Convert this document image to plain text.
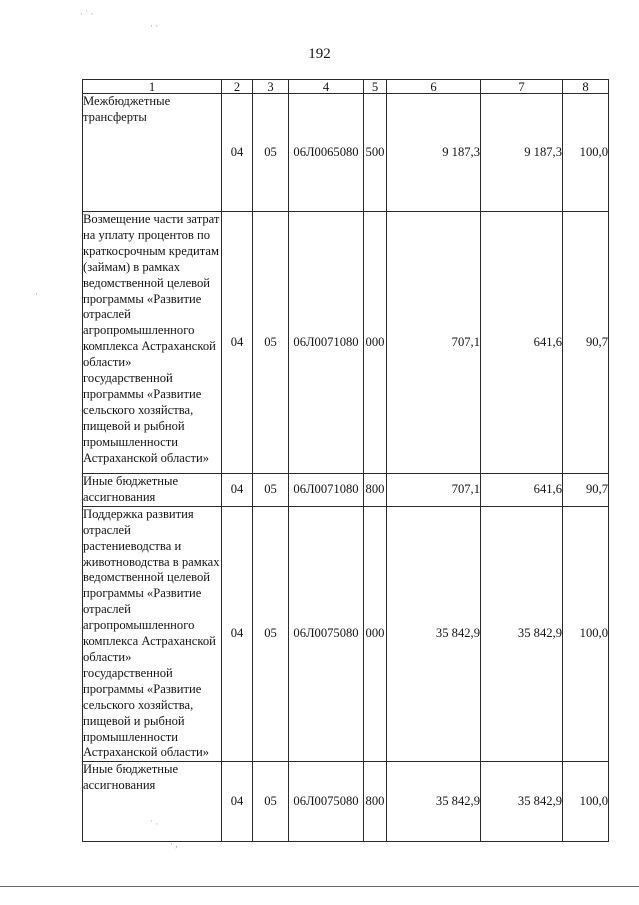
192
1	2	3	4	5	6	7	8
Межбюджетные трансферты	04	05	06Л0065080	500	9 187,3	9 187,3	100,0
Возмещение части затрат на уплату процентов по краткосрочным кредитам (займам) в рамках ведомственной целевой программы «Развитие отраслей агропромышленного комплекса Астраханской области» государственной программы «Развитие сельского хозяйства, пищевой и рыбной промышленности Астраханской области»	04	05	06Л0071080	000	707,1	641,6	90,7
Иные бюджетные ассигнования	04	05	06Л0071080	800	707,1	641,6	90,7
Поддержка развития отраслей растениеводства и животноводства в рамках ведомственной целевой программы «Развитие отраслей агропромышленного комплекса Астраханской области» государственной программы «Развитие сельского хозяйства, пищевой и рыбной промышленности Астраханской области»	04	05	06Л0075080	000	35 842,9	35 842,9	100,0
Иные бюджетные ассигнования	04	05	06Л0075080	800	35 842,9	35 842,9	100,0
· ˙ ·
· ·
·
˙ ·
· ,
